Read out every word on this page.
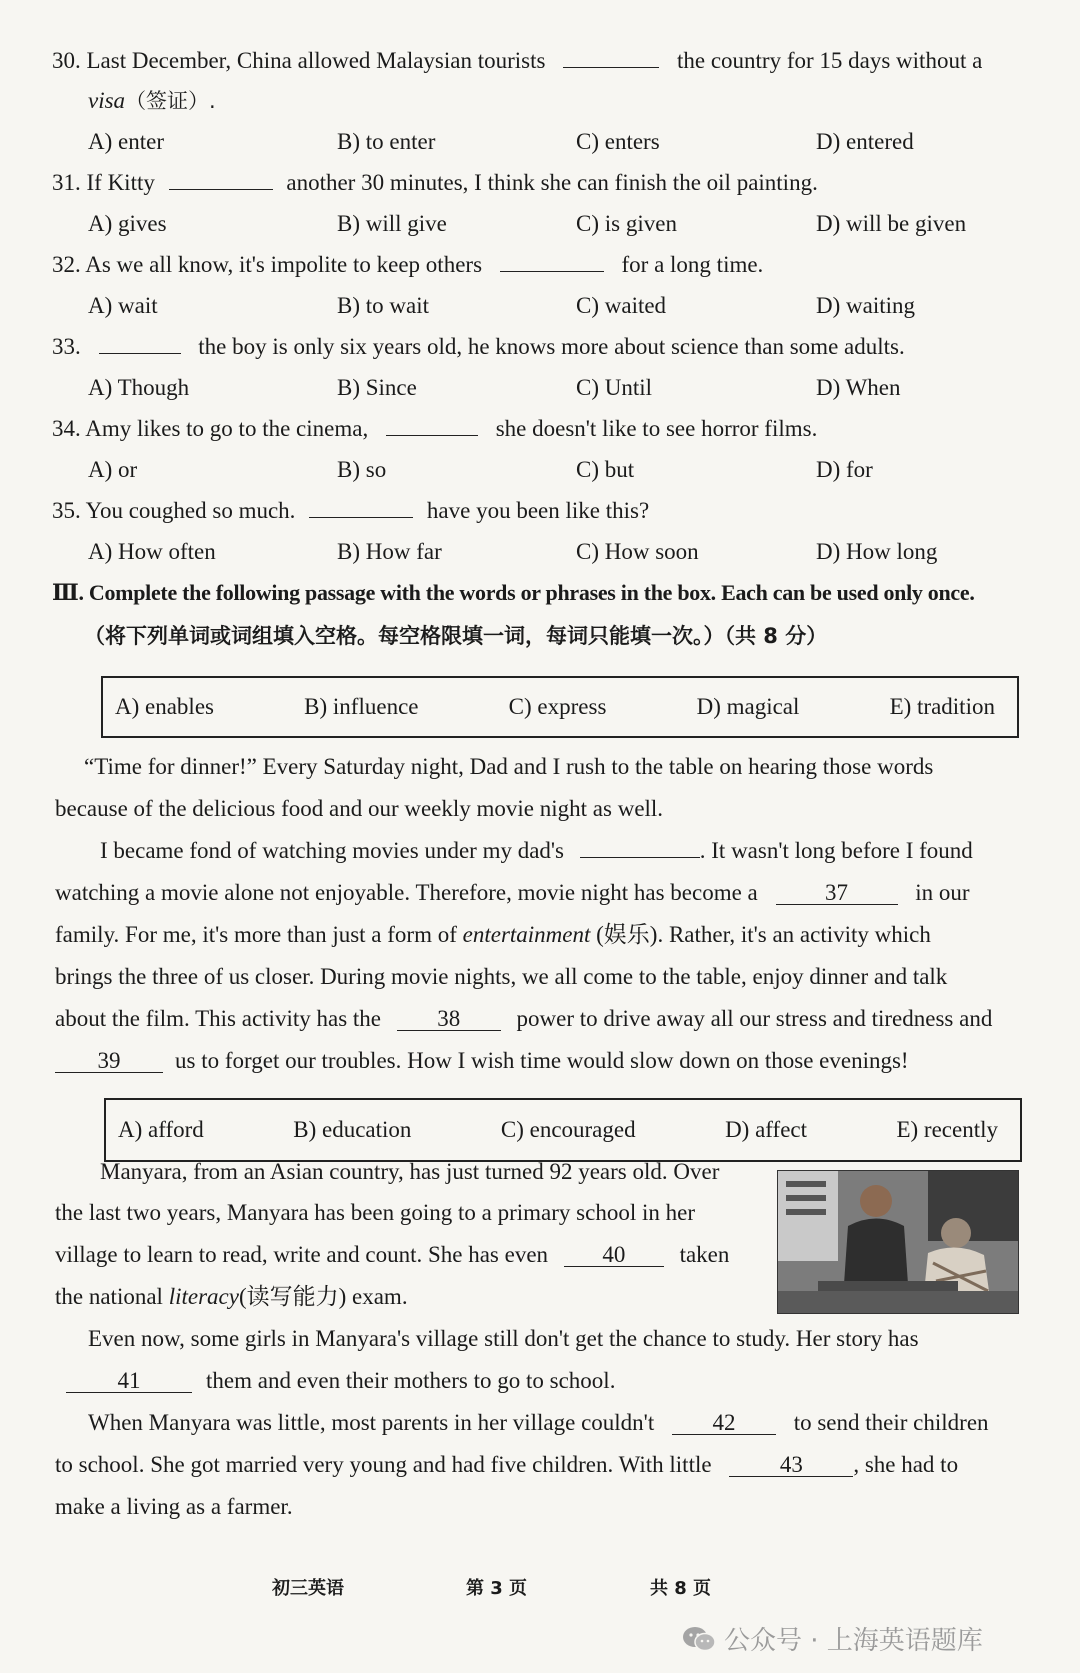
30. Last December, China allowed Malaysian tourists	the country for 15 days without a
visa（签证）.
A) enter	B) to enter	C) enters	D) entered
31. If Kitty	another 30 minutes, I think she can finish the oil painting.
A) gives	B) will give	C) is given	D) will be given
32. As we all know, it's impolite to keep others	for a long time.
A) wait	B) to wait	C) waited	D) waiting
33.	the boy is only six years old, he knows more about science than some adults.
A) Though	B) Since	C) Until	D) When
34. Amy likes to go to the cinema,	she doesn't like to see horror films.
A) or	B) so	C) but	D) for
35. You coughed so much.	have you been like this?
A) How often	B) How far	C) How soon	D) How long
Ⅲ. Complete the following passage with the words or phrases in the box. Each can be used only once.
（将下列单词或词组填入空格。每空格限填一词，每词只能填一次。）（共 8 分）
A) enables	B) influence	C) express	D) magical	E) tradition
“Time for dinner!” Every Saturday night, Dad and I rush to the table on hearing those words
because of the delicious food and our weekly movie night as well.
I became fond of watching movies under my dad's	. It wasn't long before I found
watching a movie alone not enjoyable. Therefore, movie night has become a	37	in our
family. For me, it's more than just a form of entertainment (娱乐). Rather, it's an activity which
brings the three of us closer. During movie nights, we all come to the table, enjoy dinner and talk
about the film. This activity has the 38 power to drive away all our stress and tiredness and
39 us to forget our troubles. How I wish time would slow down on those evenings!
A) afford	B) education	C) encouraged	D) affect	E) recently
Manyara, from an Asian country, has just turned 92 years old. Over
the last two years, Manyara has been going to a primary school in her
village to learn to read, write and count. She has even 40 taken
the national literacy(读写能力) exam.
Even now, some girls in Manyara's village still don't get the chance to study. Her story has
41	them and even their mothers to go to school.
When Manyara was little, most parents in her village couldn't	42	to send their children
to school. She got married very young and had five children. With little	43 , she had to
make a living as a farmer.
初三英语	第 3 页	共 8 页
公众号 · 上海英语题库
